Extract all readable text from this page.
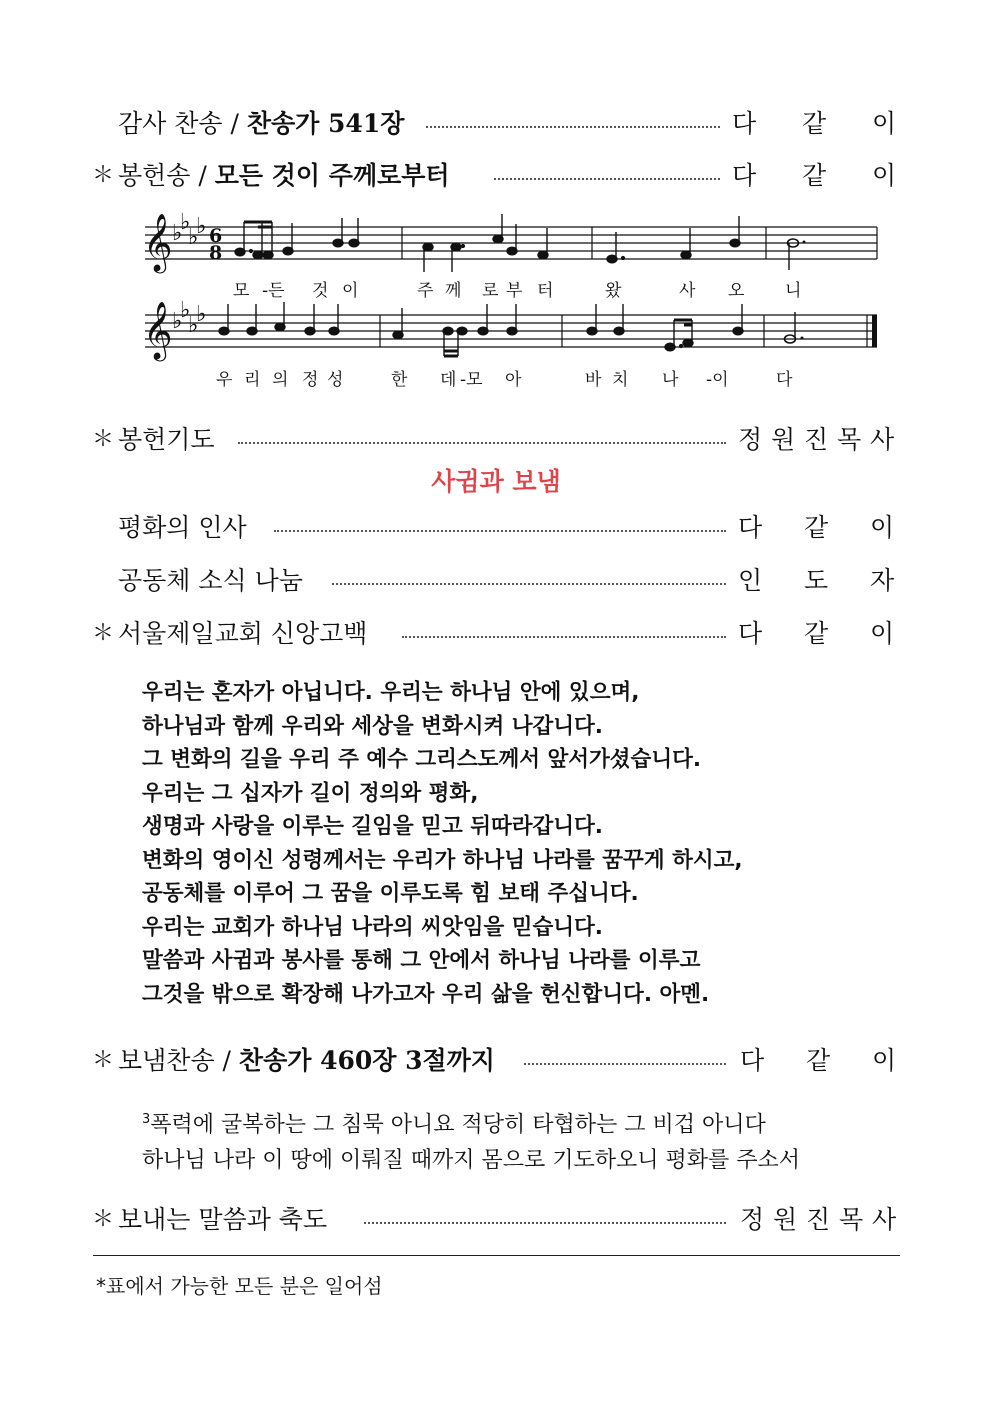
감사 찬송 / 찬송가 541장	다 같 이
＊ 봉헌송 / 모든 것이 주께로부터	다 같 이
𝄞
𝄞
♭
♭
♭
♭
♭
♭
♭
♭
6
8
모 -든 것 이	주 께 로 부 터	왔	사 오 니
우 리 의 정 성	한 데 -모 아	바 치 나 -이	다
＊ 봉헌기도	정 원 진 목 사
사귐과 보냄
평화의 인사	다 같 이
공동체 소식 나눔	인 도 자
＊ 서울제일교회 신앙고백	다 같 이
우리는 혼자가 아닙니다. 우리는 하나님 안에 있으며,
하나님과 함께 우리와 세상을 변화시켜 나갑니다.
그 변화의 길을 우리 주 예수 그리스도께서 앞서가셨습니다.
우리는 그 십자가 길이 정의와 평화,
생명과 사랑을 이루는 길임을 믿고 뒤따라갑니다.
변화의 영이신 성령께서는 우리가 하나님 나라를 꿈꾸게 하시고,
공동체를 이루어 그 꿈을 이루도록 힘 보태 주십니다.
우리는 교회가 하나님 나라의 씨앗임을 믿습니다.
말씀과 사귐과 봉사를 통해 그 안에서 하나님 나라를 이루고
그것을 밖으로 확장해 나가고자 우리 삶을 헌신합니다. 아멘.
＊ 보냄찬송 / 찬송가 460장 3절까지	다 같 이
$^3$폭력에 굴복하는 그 침묵 아니요 적당히 타협하는 그 비겁 아니다
하나님 나라 이 땅에 이뤄질 때까지 몸으로 기도하오니 평화를 주소서
＊ 보내는 말씀과 축도	정 원 진 목 사
*표에서 가능한 모든 분은 일어섬
